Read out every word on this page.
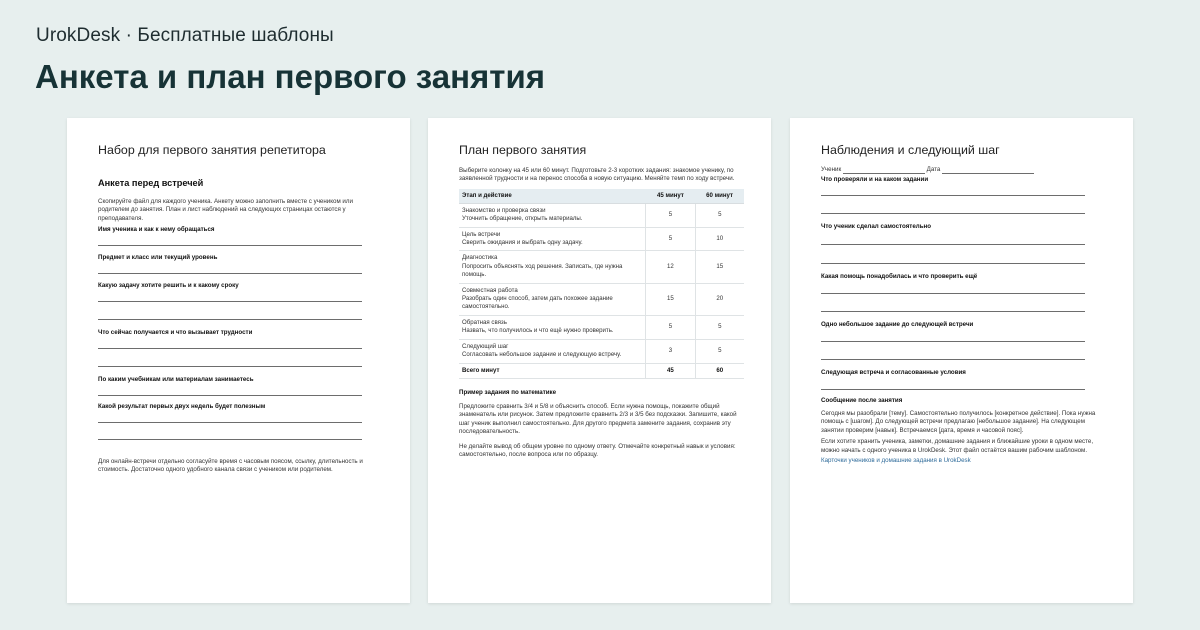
UrokDesk · Бесплатные шаблоны
Анкета и план первого занятия
Набор для первого занятия репетитора
Анкета перед встречей
Скопируйте файл для каждого ученика. Анкету можно заполнить вместе с учеником или родителем до занятия. План и лист наблюдений на следующих страницах остаются у преподавателя.
Имя ученика и как к нему обращаться
Предмет и класс или текущий уровень
Какую задачу хотите решить и к какому сроку
Что сейчас получается и что вызывает трудности
По каким учебникам или материалам занимаетесь
Какой результат первых двух недель будет полезным
Для онлайн-встречи отдельно согласуйте время с часовым поясом, ссылку, длительность и стоимость. Достаточно одного удобного канала связи с учеником или родителем.
План первого занятия
Выберите колонку на 45 или 60 минут. Подготовьте 2-3 коротких задания: знакомое ученику, по заявленной трудности и на перенос способа в новую ситуацию. Меняйте темп по ходу встречи.
Этап и действие	45 минут	60 минут
Знакомство и проверка связи
Уточнить обращение, открыть материалы.	5	5
Цель встречи
Сверить ожидания и выбрать одну задачу.	5	10
Диагностика
Попросить объяснять ход решения. Записать, где нужна помощь.	12	15
Совместная работа
Разобрать один способ, затем дать похожее задание самостоятельно.	15	20
Обратная связь
Назвать, что получилось и что ещё нужно проверить.	5	5
Следующий шаг
Согласовать небольшое задание и следующую встречу.	3	5
Всего минут	45	60
Пример задания по математике
Предложите сравнить 3/4 и 5/8 и объяснить способ. Если нужна помощь, покажите общий знаменатель или рисунок. Затем предложите сравнить 2/3 и 3/5 без подсказки. Запишите, какой шаг ученик выполнил самостоятельно. Для другого предмета замените задания, сохранив эту последовательность.
Не делайте вывод об общем уровне по одному ответу. Отмечайте конкретный навык и условия: самостоятельно, после вопроса или по образцу.
Наблюдения и следующий шаг
Ученик	Дата
Что проверяли и на каком задании
Что ученик сделал самостоятельно
Какая помощь понадобилась и что проверить ещё
Одно небольшое задание до следующей встречи
Следующая встреча и согласованные условия
Сообщение после занятия
Сегодня мы разобрали [тему]. Самостоятельно получилось [конкретное действие]. Пока нужна помощь с [шагом]. До следующей встречи предлагаю [небольшое задание]. На следующем занятии проверим [навык]. Встречаемся [дата, время и часовой пояс].
Если хотите хранить ученика, заметки, домашние задания и ближайшие уроки в одном месте, можно начать с одного ученика в UrokDesk. Этот файл остаётся вашим рабочим шаблоном.
Карточки учеников и домашние задания в UrokDesk
